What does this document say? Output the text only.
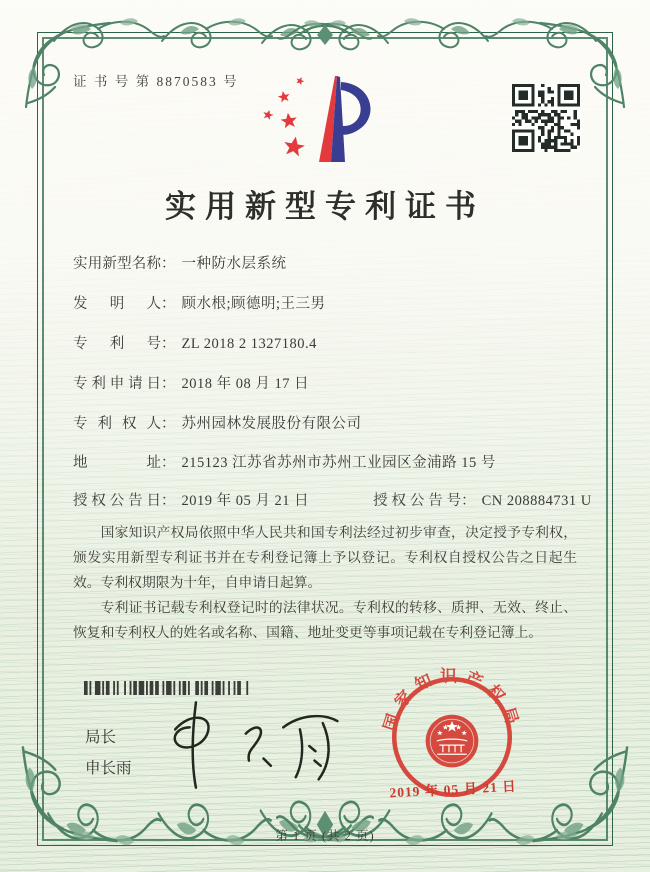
证 书 号 第 8870583 号
实用新型专利证书
实用新型名称： 一种防水层系统
发明人： 顾水根;顾德明;王三男
专利号： ZL 2018 2 1327180.4
专利申请日： 2018 年 08 月 17 日
专利权人： 苏州园林发展股份有限公司
地址： 215123 江苏省苏州市苏州工业园区金浦路 15 号
授权公告日： 2019 年 05 月 21 日	授权公告号： CN 208884731 U

国家知识产权局依照中华人民共和国专利法经过初步审查，决定授予专利权，颁发实用新型专利证书并在专利登记簿上予以登记。专利权自授权公告之日起生效。专利权期限为十年，自申请日起算。

专利证书记载专利权登记时的法律状况。专利权的转移、质押、无效、终止、恢复和专利权人的姓名或名称、国籍、地址变更等事项记载在专利登记簿上。

局长
申长雨
国家知识产权局
2019 年 05 月 21 日
第 1 页 (共 2 页)
